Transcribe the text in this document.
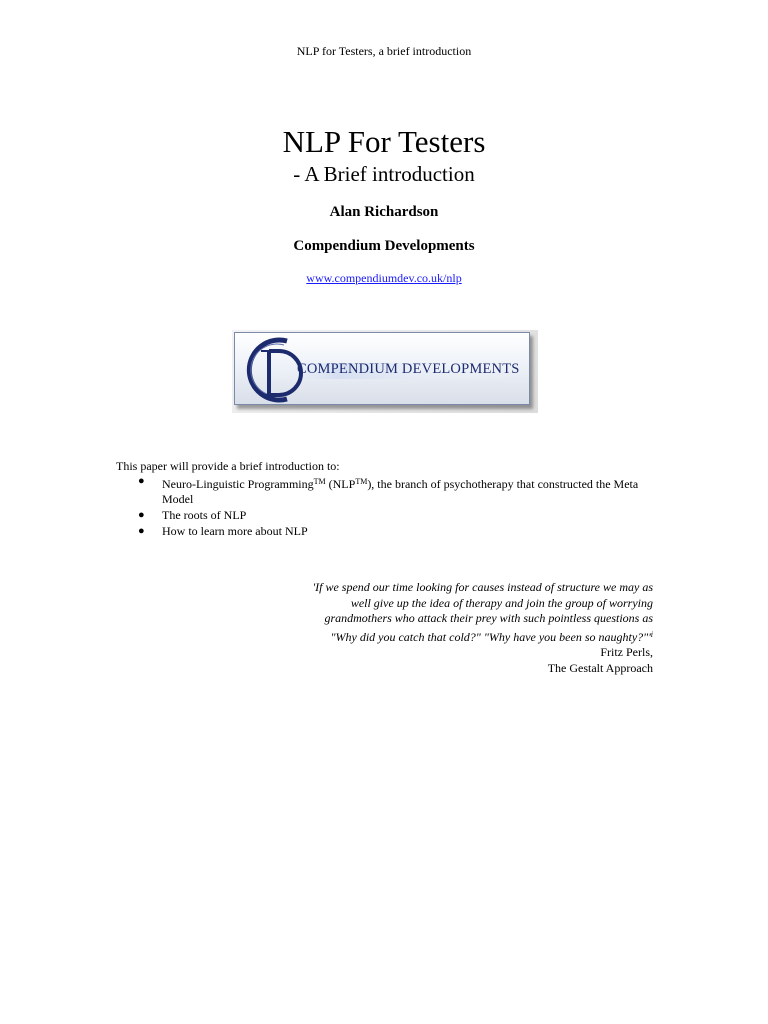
NLP for Testers, a brief introduction
NLP For Testers
- A Brief introduction
Alan Richardson
Compendium Developments
www.compendiumdev.co.uk/nlp
COMPENDIUM DEVELOPMENTS
This paper will provide a brief introduction to:
● Neuro-Linguistic Programming™ (NLP™), the branch of psychotherapy that constructed the Meta Model
● The roots of NLP
● How to learn more about NLP
'If we spend our time looking for causes instead of structure we may as
well give up the idea of therapy and join the group of worrying
grandmothers who attack their prey with such pointless questions as
"Why did you catch that cold?" "Why have you been so $naughty?"'^i$
Fritz Perls,
The Gestalt Approach
